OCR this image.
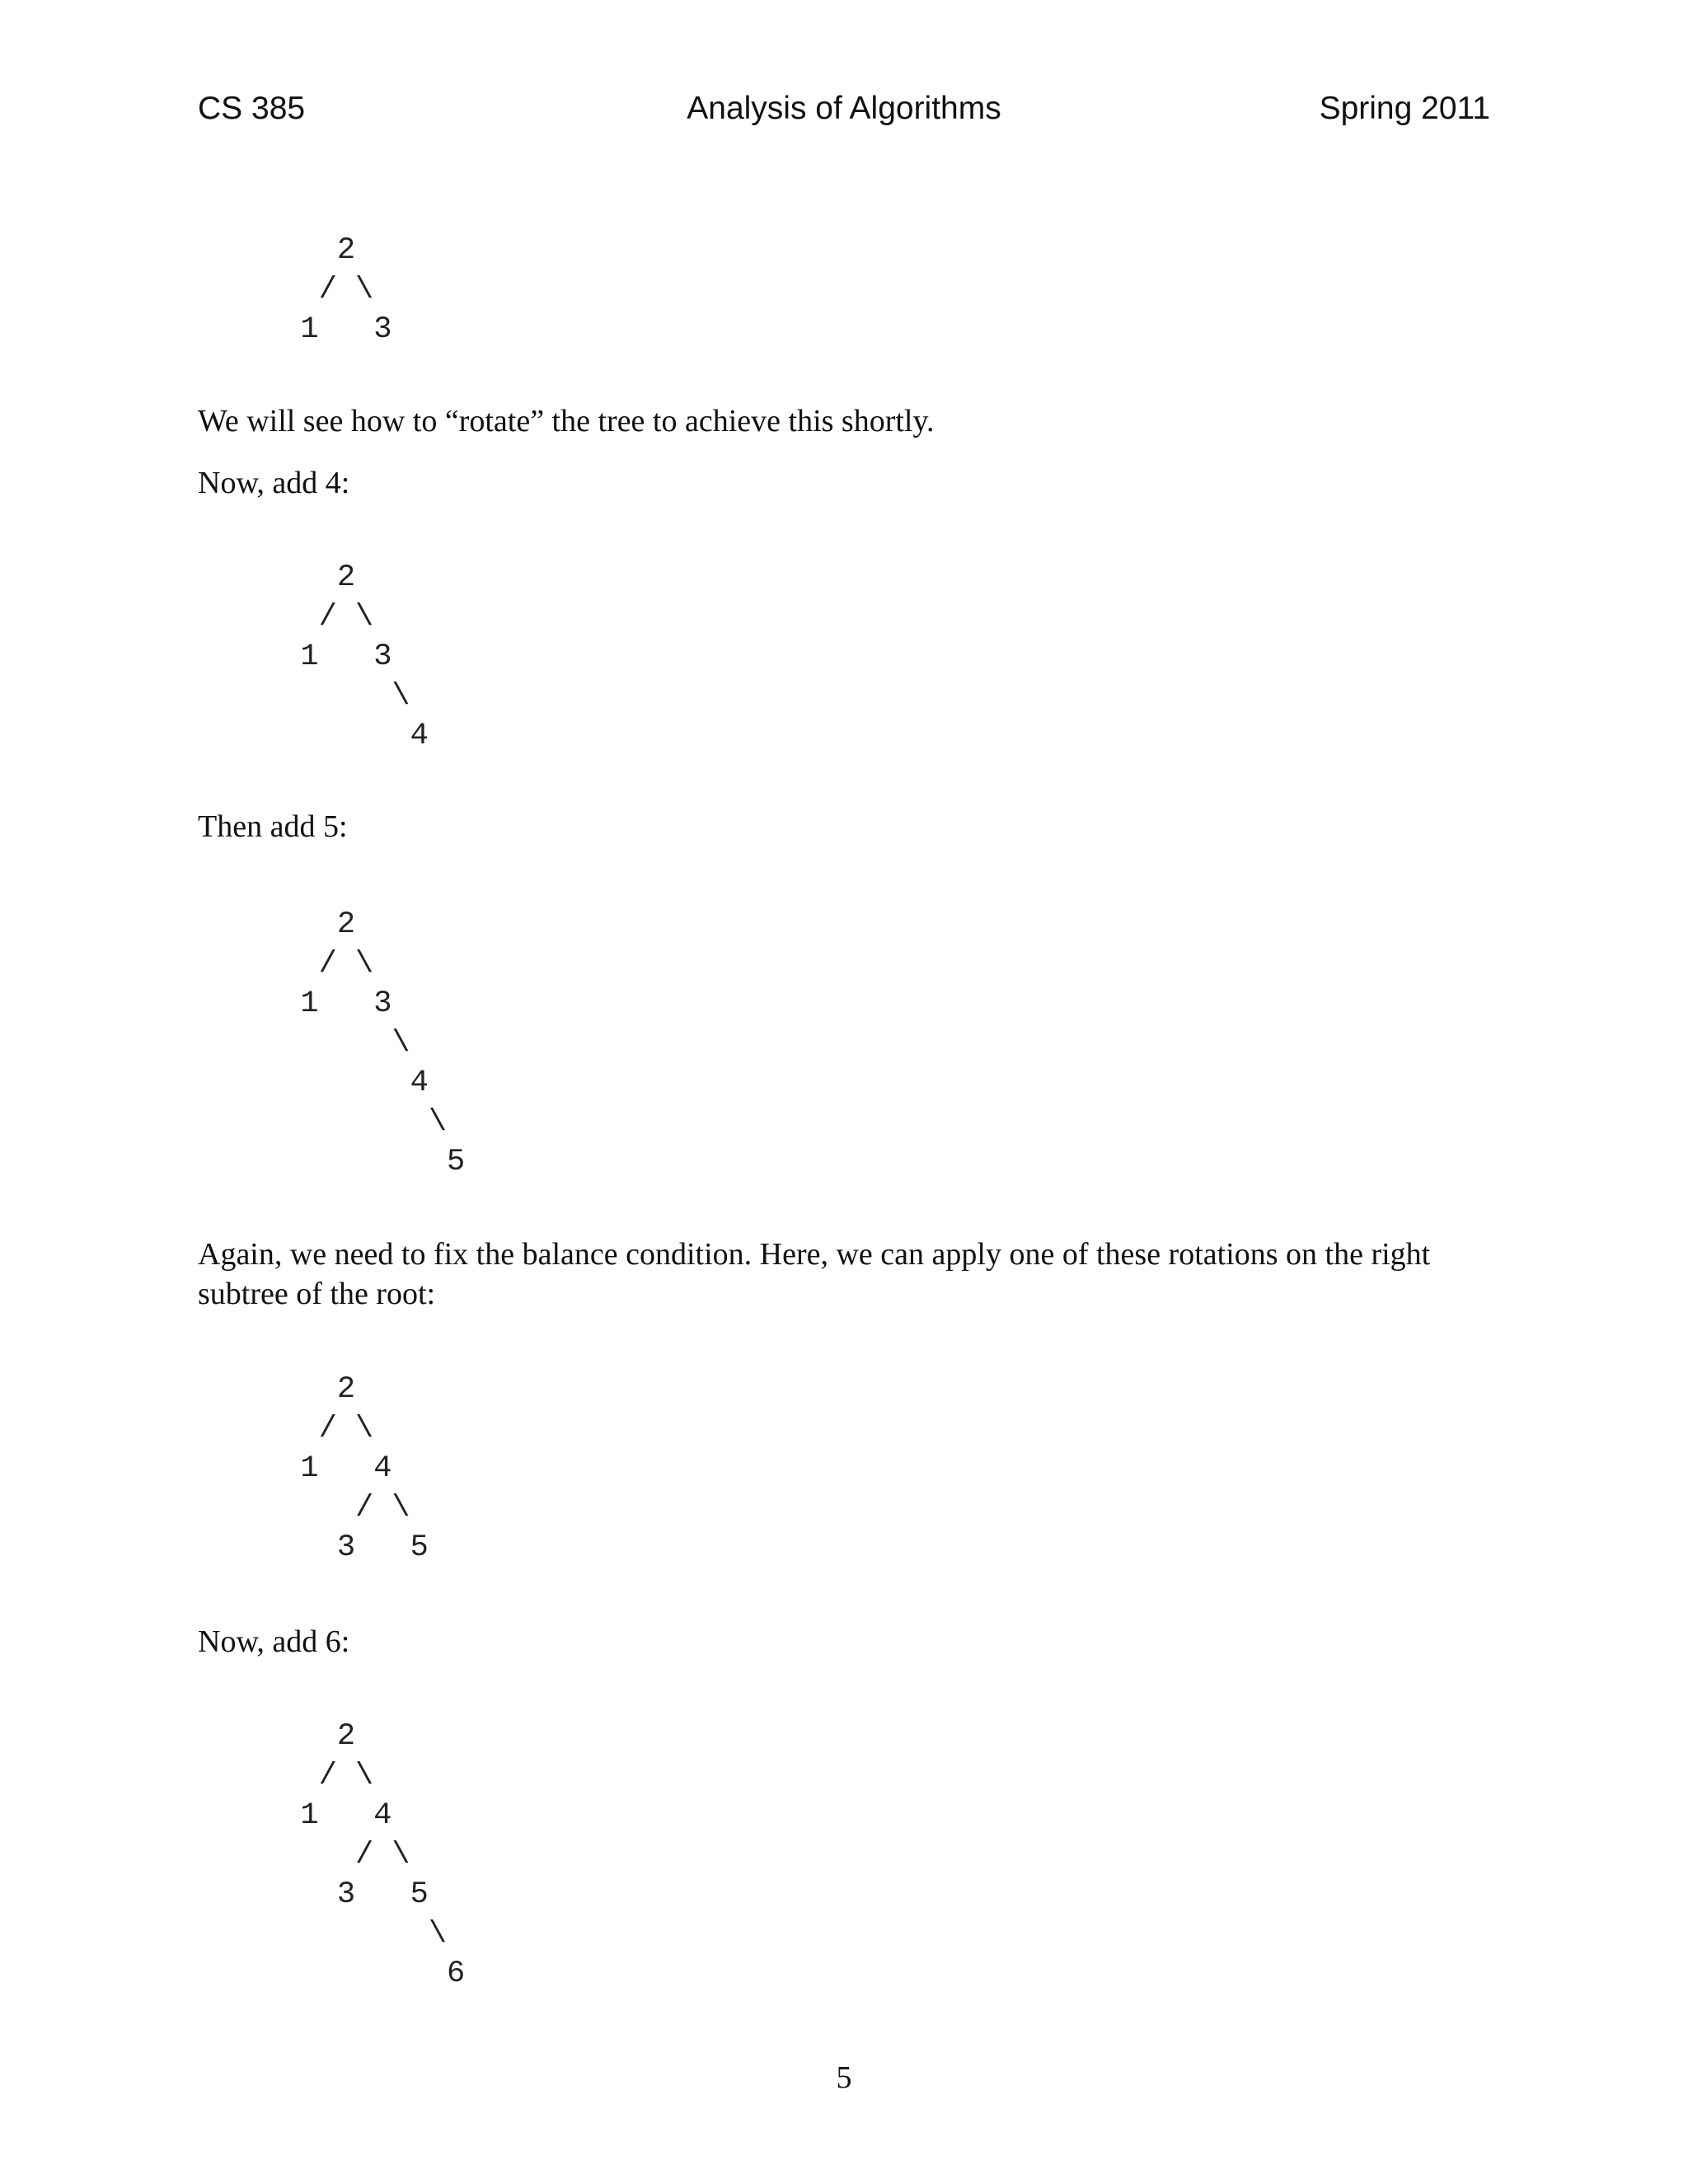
CS 385	Analysis of Algorithms	Spring 2011
2
/ \
1   3

We will see how to “rotate” the tree to achieve this shortly.

Now, add 4:

2
/ \
1   3
\
4

Then add 5:

2
/ \
1   3
\
4
\
5

Again, we need to fix the balance condition. Here, we can apply one of these rotations on the right subtree of the root:

2
/ \
1   4
/ \
3   5

Now, add 6:

2
/ \
1   4
/ \
3   5
\
6
5
